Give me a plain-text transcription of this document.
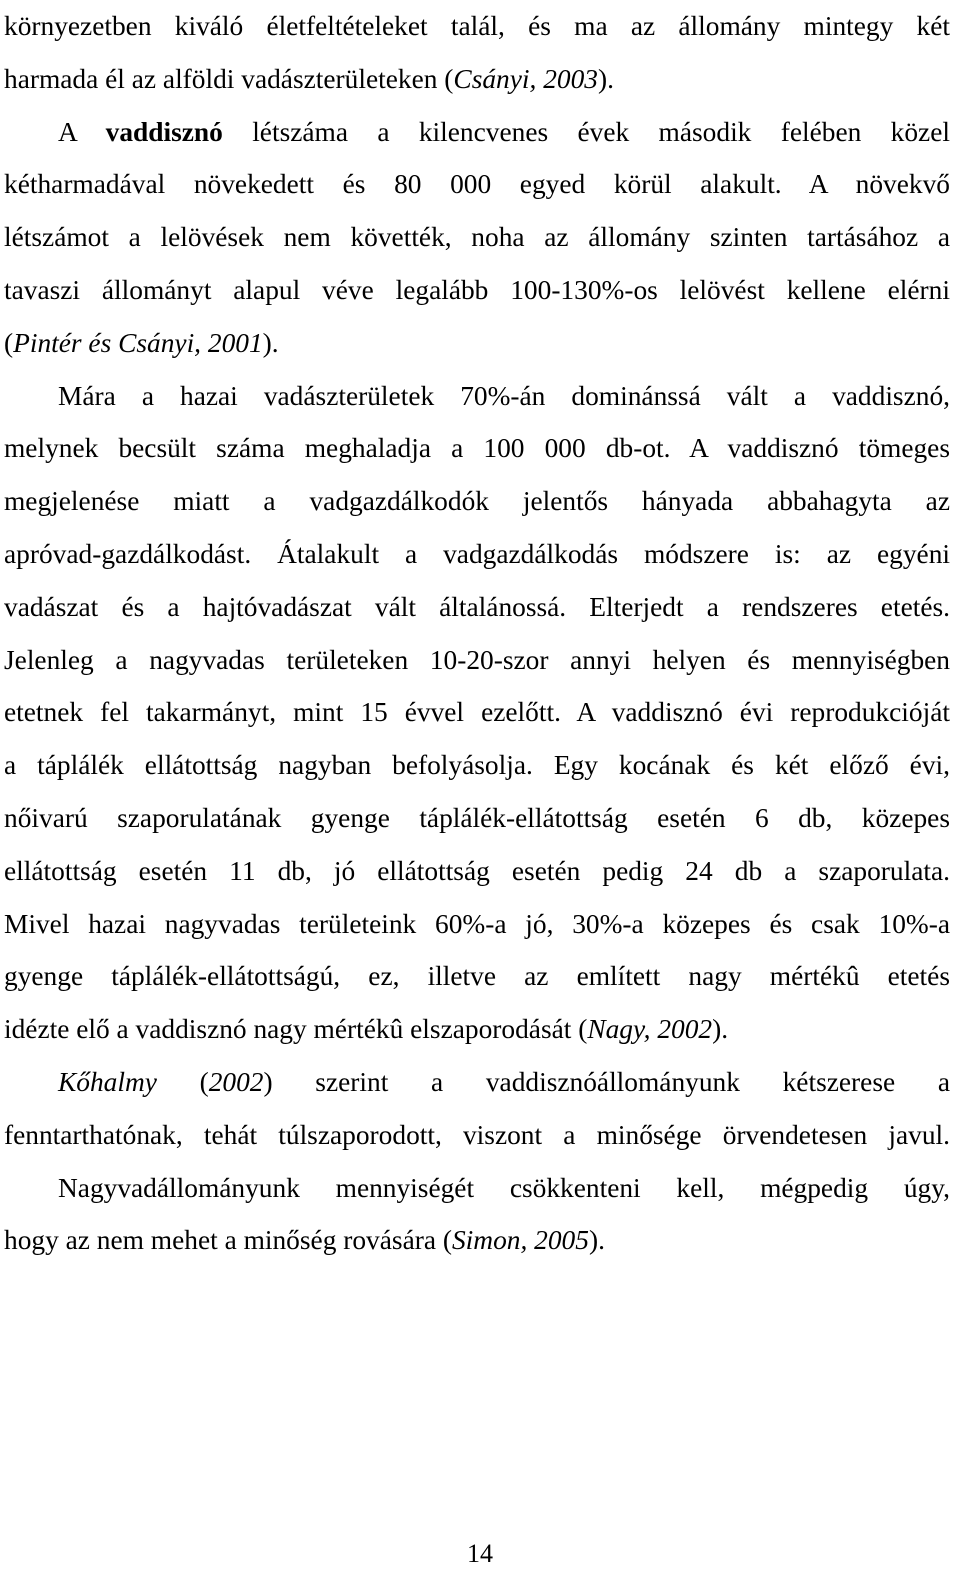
környezetben kiváló életfeltételeket talál, és ma az állomány mintegy két
harmada él az alföldi vadászterületeken (Csányi, 2003).
A vaddisznó létszáma a kilencvenes évek második felében közel
kétharmadával növekedett és 80 000 egyed körül alakult. A növekvő
létszámot a lelövések nem követték, noha az állomány szinten tartásához a
tavaszi állományt alapul véve legalább 100-130%-os lelövést kellene elérni
(Pintér és Csányi, 2001).
Mára a hazai vadászterületek 70%-án dominánssá vált a vaddisznó,
melynek becsült száma meghaladja a 100 000 db-ot. A vaddisznó tömeges
megjelenése miatt a vadgazdálkodók jelentős hányada abbahagyta az
apróvad-gazdálkodást. Átalakult a vadgazdálkodás módszere is: az egyéni
vadászat és a hajtóvadászat vált általánossá. Elterjedt a rendszeres etetés.
Jelenleg a nagyvadas területeken 10-20-szor annyi helyen és mennyiségben
etetnek fel takarmányt, mint 15 évvel ezelőtt. A vaddisznó évi reprodukcióját
a táplálék ellátottság nagyban befolyásolja. Egy kocának és két előző évi,
nőivarú szaporulatának gyenge táplálék-ellátottság esetén 6 db, közepes
ellátottság esetén 11 db, jó ellátottság esetén pedig 24 db a szaporulata.
Mivel hazai nagyvadas területeink 60%-a jó, 30%-a közepes és csak 10%-a
gyenge táplálék-ellátottságú, ez, illetve az említett nagy mértékû etetés
idézte elő a vaddisznó nagy mértékû elszaporodását (Nagy, 2002).
Kőhalmy (2002) szerint a vaddisznóállományunk kétszerese a
fenntarthatónak, tehát túlszaporodott, viszont a minősége örvendetesen javul.
Nagyvadállományunk mennyiségét csökkenteni kell, mégpedig úgy,
hogy az nem mehet a minőség rovására (Simon, 2005).
14
